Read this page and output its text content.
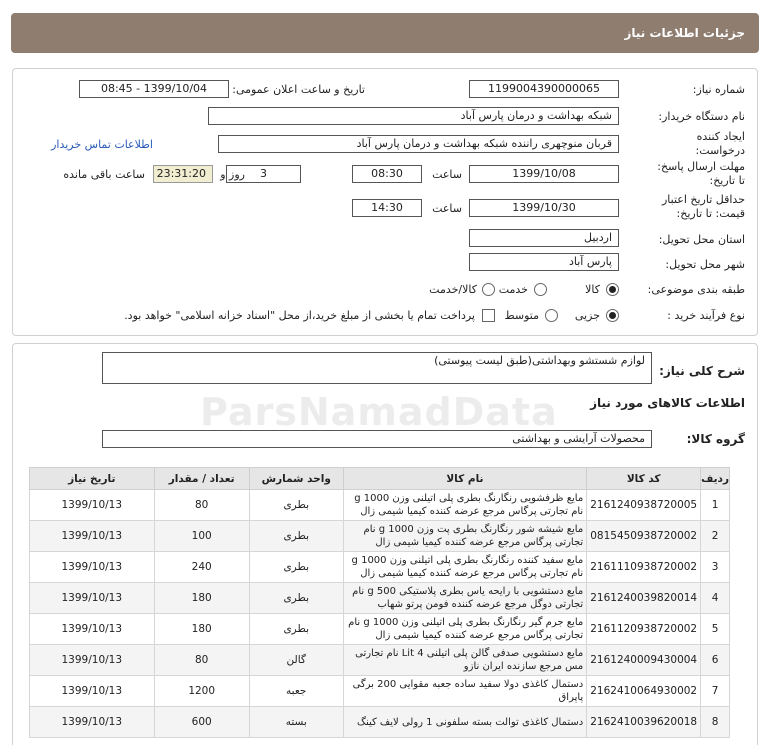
جزئیات اطلاعات نیاز
شماره نیاز:
1199004390000065
تاریخ و ساعت اعلان عمومی:
1399/10/04 - 08:45
نام دستگاه خریدار:
شبکه بهداشت و درمان پارس آباد
ایجاد کننده
درخواست:
قربان منوچهری راننده شبکه بهداشت و درمان پارس آباد
اطلاعات تماس خریدار
مهلت ارسال پاسخ:
تا تاریخ:
1399/10/08
ساعت
08:30
3
روز و
23:31:20
ساعت باقی مانده
حداقل تاریخ اعتبار
قیمت: تا تاریخ:
1399/10/30
ساعت
14:30
استان محل تحویل:
اردبیل
شهر محل تحویل:
پارس آباد
طبقه بندی موضوعی:
کالا
خدمت
کالا/خدمت
نوع فرآیند خرید :
جزیی
متوسط
پرداخت تمام یا بخشی از مبلغ خرید،از محل "اسناد خزانه اسلامی" خواهد بود.
شرح کلی نیاز:
لوازم شستشو وبهداشتی(طبق لیست پیوستی)
اطلاعات کالاهای مورد نیاز
گروه کالا:
محصولات آرایشی و بهداشتی
ParsNamadData
ردیف	کد کالا	نام کالا	واحد شمارش	تعداد / مقدار	تاریخ نیاز
1	2161240938720005	مایع ظرفشویی رنگارنگ بطری پلی اتیلنی وزن 1000 g نام تجارتی پرگاس مرجع عرضه کننده کیمیا شیمی زال	بطری	80	1399/10/13
2	0815450938720002	مایع شیشه شور رنگارنگ بطری پت وزن 1000 g نام تجارتی پرگاس مرجع عرضه کننده کیمیا شیمی زال	بطری	100	1399/10/13
3	2161110938720002	مایع سفید کننده رنگارنگ بطری پلی اتیلنی وزن 1000 g نام تجارتی پرگاس مرجع عرضه کننده کیمیا شیمی زال	بطری	240	1399/10/13
4	2161240039820014	مایع دستشویی با رایحه یاس بطری پلاستیکی 500 g نام تجارتی دوگل مرجع عرضه کننده فومن پرتو شهاب	بطری	180	1399/10/13
5	2161120938720002	مایع جرم گیر رنگارنگ بطری پلی اتیلنی وزن 1000 g نام تجارتی پرگاس مرجع عرضه کننده کیمیا شیمی زال	بطری	180	1399/10/13
6	2161240009430004	مایع دستشویی صدفی گالن پلی اتیلنی 4 Lit نام تجارتی مس مرجع سازنده ایران نازو	گالن	80	1399/10/13
7	2162410064930002	دستمال کاغذی دولا سفید ساده جعبه مقوایی 200 برگی پاپراق	جعبه	1200	1399/10/13
8	2162410039620018	دستمال کاغذی توالت بسته سلفونی 1 رولی لایف کینگ	بسته	600	1399/10/13
